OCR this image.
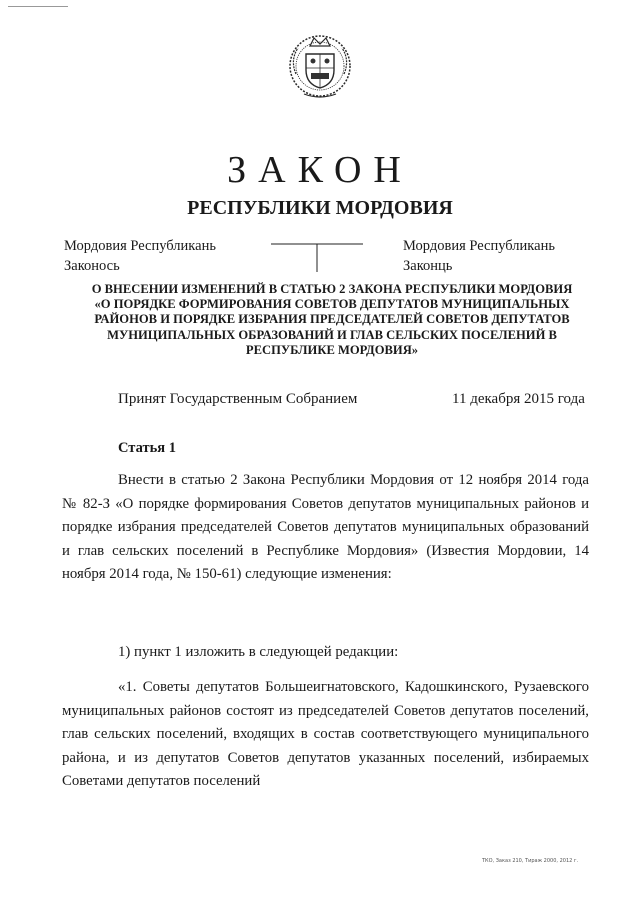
ЗАКОН
РЕСПУБЛИКИ МОРДОВИЯ
Мордовия Республикань
Законось
Мордовия Республикань
Законць
О ВНЕСЕНИИ ИЗМЕНЕНИЙ В СТАТЬЮ 2 ЗАКОНА РЕСПУБЛИКИ МОРДОВИЯ
«О ПОРЯДКЕ ФОРМИРОВАНИЯ СОВЕТОВ ДЕПУТАТОВ МУНИЦИПАЛЬНЫХ
РАЙОНОВ И ПОРЯДКЕ ИЗБРАНИЯ ПРЕДСЕДАТЕЛЕЙ СОВЕТОВ ДЕПУТАТОВ
МУНИЦИПАЛЬНЫХ ОБРАЗОВАНИЙ И ГЛАВ СЕЛЬСКИХ ПОСЕЛЕНИЙ В
РЕСПУБЛИКЕ МОРДОВИЯ»
Принят Государственным Собранием	11 декабря 2015 года
Статья 1

Внести в статью 2 Закона Республики Мордовия от 12 ноября 2014 года № 82-З «О порядке формирования Советов депутатов муниципальных районов и порядке избрания председателей Советов депутатов муниципальных образований и глав сельских поселений в Республике Мордовия» (Известия Мордовии, 14 ноября 2014 года, № 150-61) следующие изменения:

1) пункт 1 изложить в следующей редакции:

«1. Советы депутатов Большеигнатовского, Кадошкинского, Рузаевского муниципальных районов состоят из председателей Советов депутатов поселений, глав сельских поселений, входящих в состав соответствующего муниципального района, и из депутатов Советов депутатов указанных поселений, избираемых Советами депутатов поселений

ТКО, Заказ 210, Тираж 2000, 2012 г.
